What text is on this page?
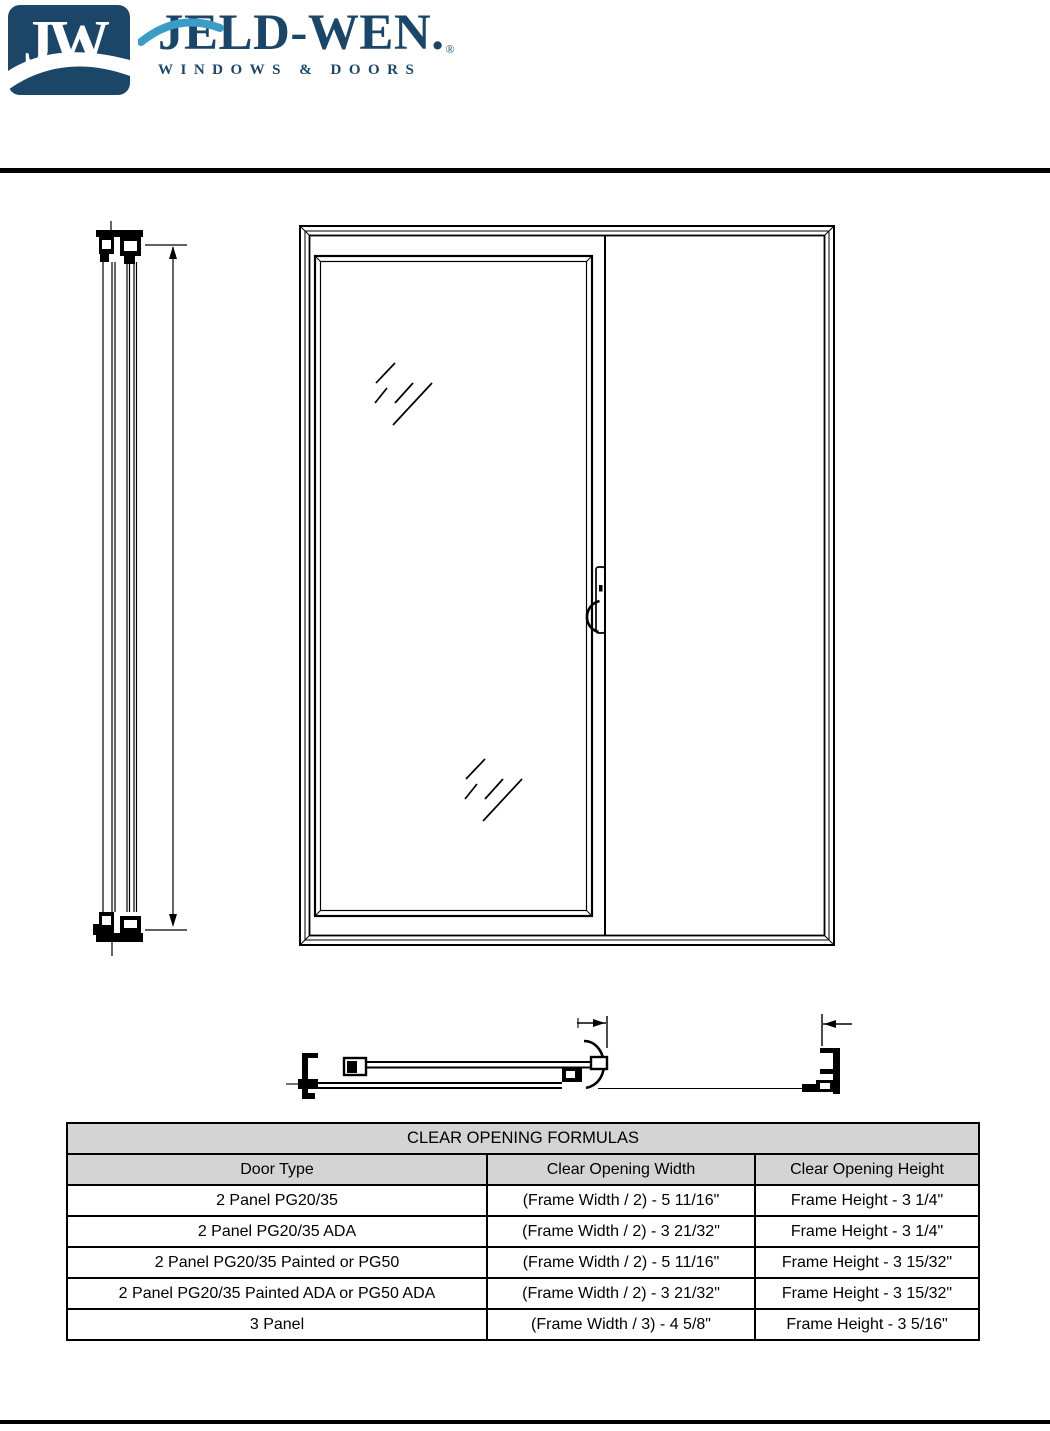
JW JELD-WEN. ®
WINDOWS & DOORS
CLEAR OPENING FORMULAS		
Door Type	Clear Opening Width	Clear Opening Height
2 Panel PG20/35	(Frame Width / 2) - 5 11/16"	Frame Height - 3 1/4"
2 Panel PG20/35 ADA	(Frame Width / 2) - 3 21/32"	Frame Height - 3 1/4"
2 Panel PG20/35 Painted or PG50	(Frame Width / 2) - 5 11/16"	Frame Height - 3 15/32"
2 Panel PG20/35 Painted ADA or PG50 ADA	(Frame Width / 2) - 3 21/32"	Frame Height - 3 15/32"
3 Panel	(Frame Width / 3) - 4 5/8"	Frame Height - 3 5/16"
